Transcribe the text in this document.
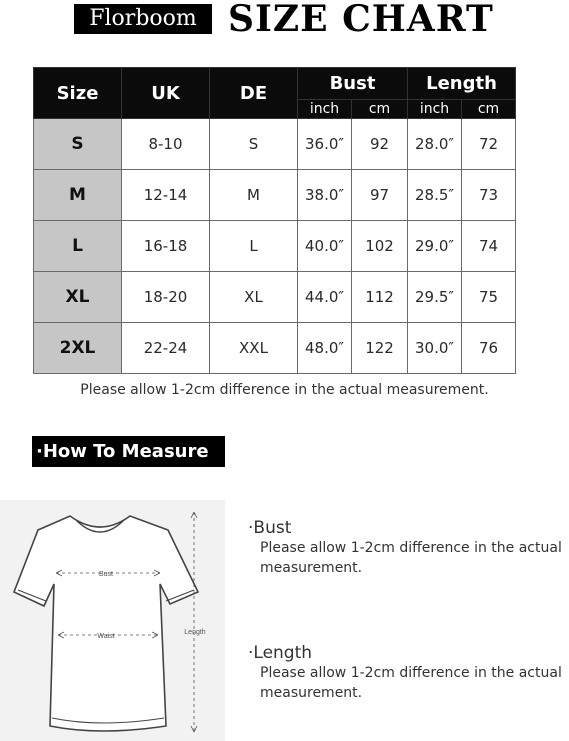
Florboom SIZE CHART
Size	UK	DE	Bust		Length	
			inch	cm	inch	cm
S	8-10	S	36.0″	92	28.0″	72
M	12-14	M	38.0″	97	28.5″	73
L	16-18	L	40.0″	102	29.0″	74
XL	18-20	XL	44.0″	112	29.5″	75
2XL	22-24	XXL	48.0″	122	30.0″	76
Please allow 1-2cm difference in the actual measurement.
·How To Measure
Bust
Waist
Length
·Bust
Please allow 1-2cm difference in the actual measurement.
·Length
Please allow 1-2cm difference in the actual measurement.
